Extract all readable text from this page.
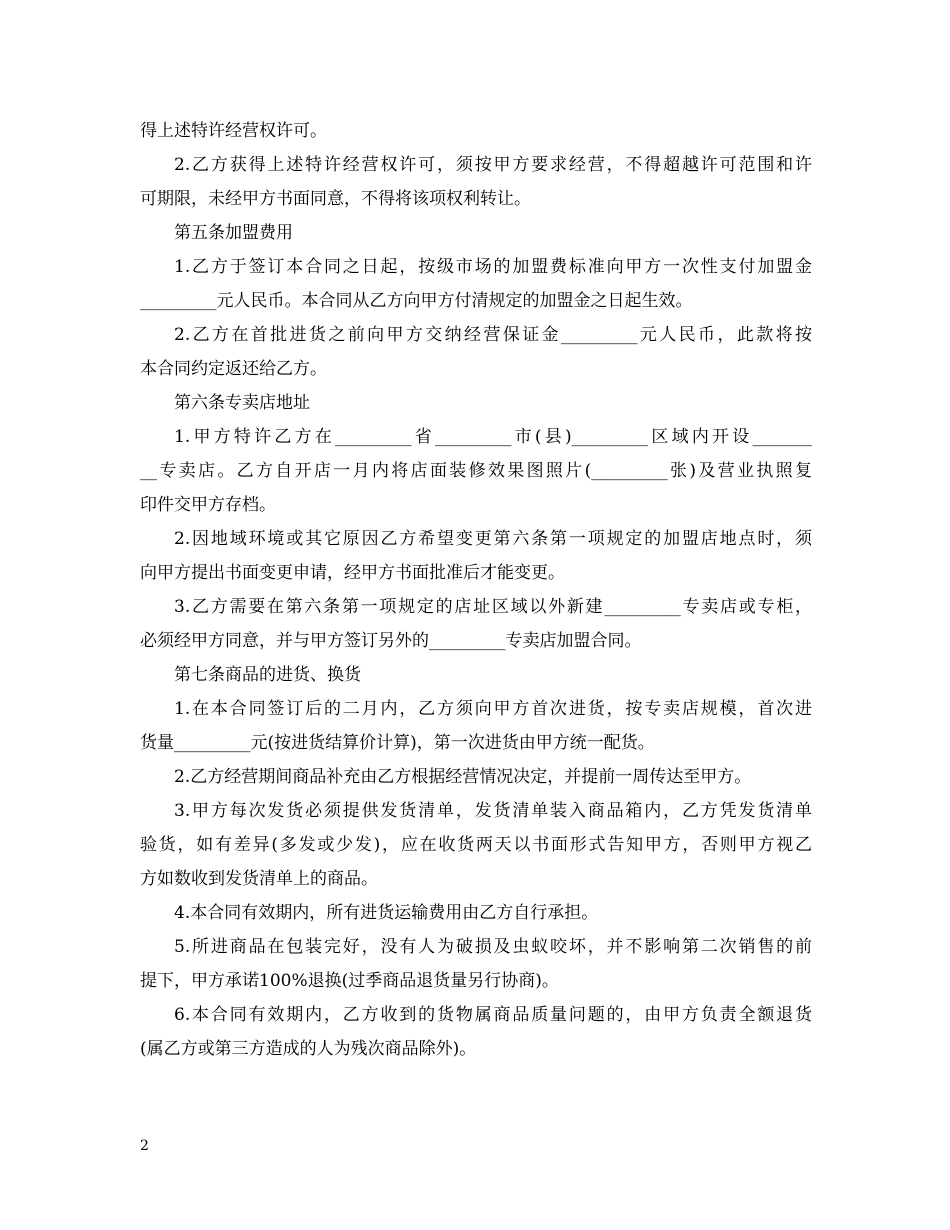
得上述特许经营权许可。
2.乙方获得上述特许经营权许可，须按甲方要求经营，不得超越许可范围和许
可期限，未经甲方书面同意，不得将该项权利转让。
第五条加盟费用
1.乙方于签订本合同之日起，按级市场的加盟费标准向甲方一次性支付加盟金
_________元人民币。本合同从乙方向甲方付清规定的加盟金之日起生效。
2.乙方在首批进货之前向甲方交纳经营保证金_________元人民币，此款将按
本合同约定返还给乙方。
第六条专卖店地址
1.甲方特许乙方在_________省_________市(县)_________区域内开设_______
__专卖店。乙方自开店一月内将店面装修效果图照片(_________张)及营业执照复
印件交甲方存档。
2.因地域环境或其它原因乙方希望变更第六条第一项规定的加盟店地点时，须
向甲方提出书面变更申请，经甲方书面批准后才能变更。
3.乙方需要在第六条第一项规定的店址区域以外新建_________专卖店或专柜，
必须经甲方同意，并与甲方签订另外的_________专卖店加盟合同。
第七条商品的进货、换货
1.在本合同签订后的二月内，乙方须向甲方首次进货，按专卖店规模，首次进
货量_________元(按进货结算价计算)，第一次进货由甲方统一配货。
2.乙方经营期间商品补充由乙方根据经营情况决定，并提前一周传达至甲方。
3.甲方每次发货必须提供发货清单，发货清单装入商品箱内，乙方凭发货清单
验货，如有差异(多发或少发)，应在收货两天以书面形式告知甲方，否则甲方视乙
方如数收到发货清单上的商品。
4.本合同有效期内，所有进货运输费用由乙方自行承担。
5.所进商品在包装完好，没有人为破损及虫蚁咬坏，并不影响第二次销售的前
提下，甲方承诺100%退换(过季商品退货量另行协商)。
6.本合同有效期内，乙方收到的货物属商品质量问题的，由甲方负责全额退货
(属乙方或第三方造成的人为残次商品除外)。
2
